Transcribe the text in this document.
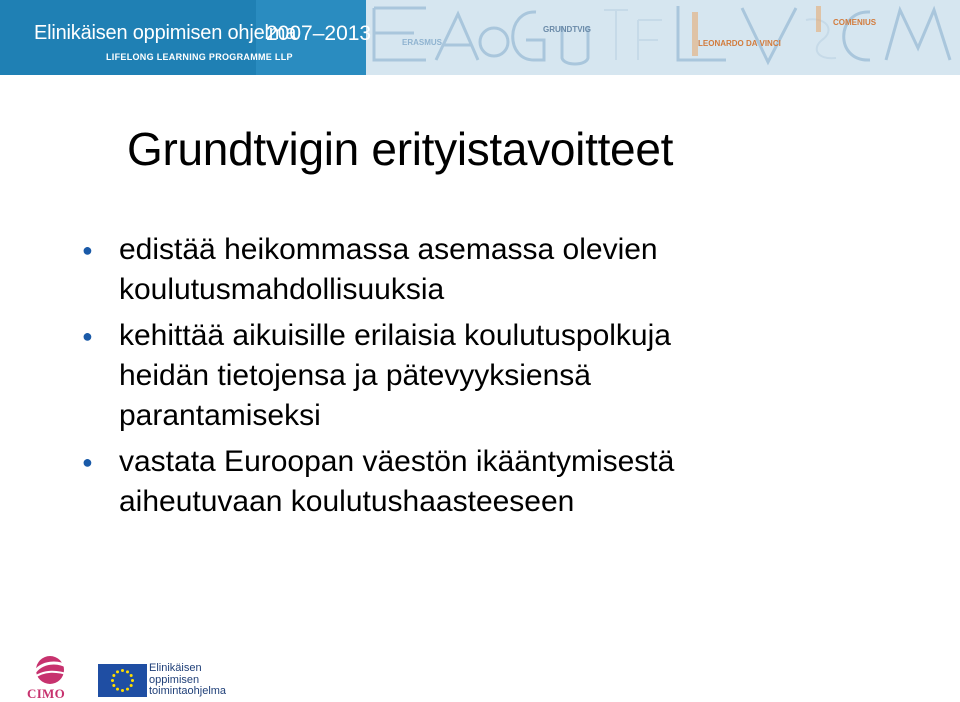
Elinikäisen oppimisen ohjelma
LIFELONG LEARNING PROGRAMME LLP
2007–2013	ERASMUS
GRUNDTVIG
LEONARDO DA VINCI
COMENIUS
Grundtvigin erityistavoitteet
● edistää heikommassa asemassa olevien
koulutusmahdollisuuksia
● kehittää aikuisille erilaisia koulutuspolkuja
heidän tietojensa ja pätevyyksiensä
parantamiseksi
● vastata Euroopan väestön ikääntymisestä
aiheutuvaan koulutushaasteeseen
CIMO
Elinikäisen
oppimisen
toimintaohjelma
